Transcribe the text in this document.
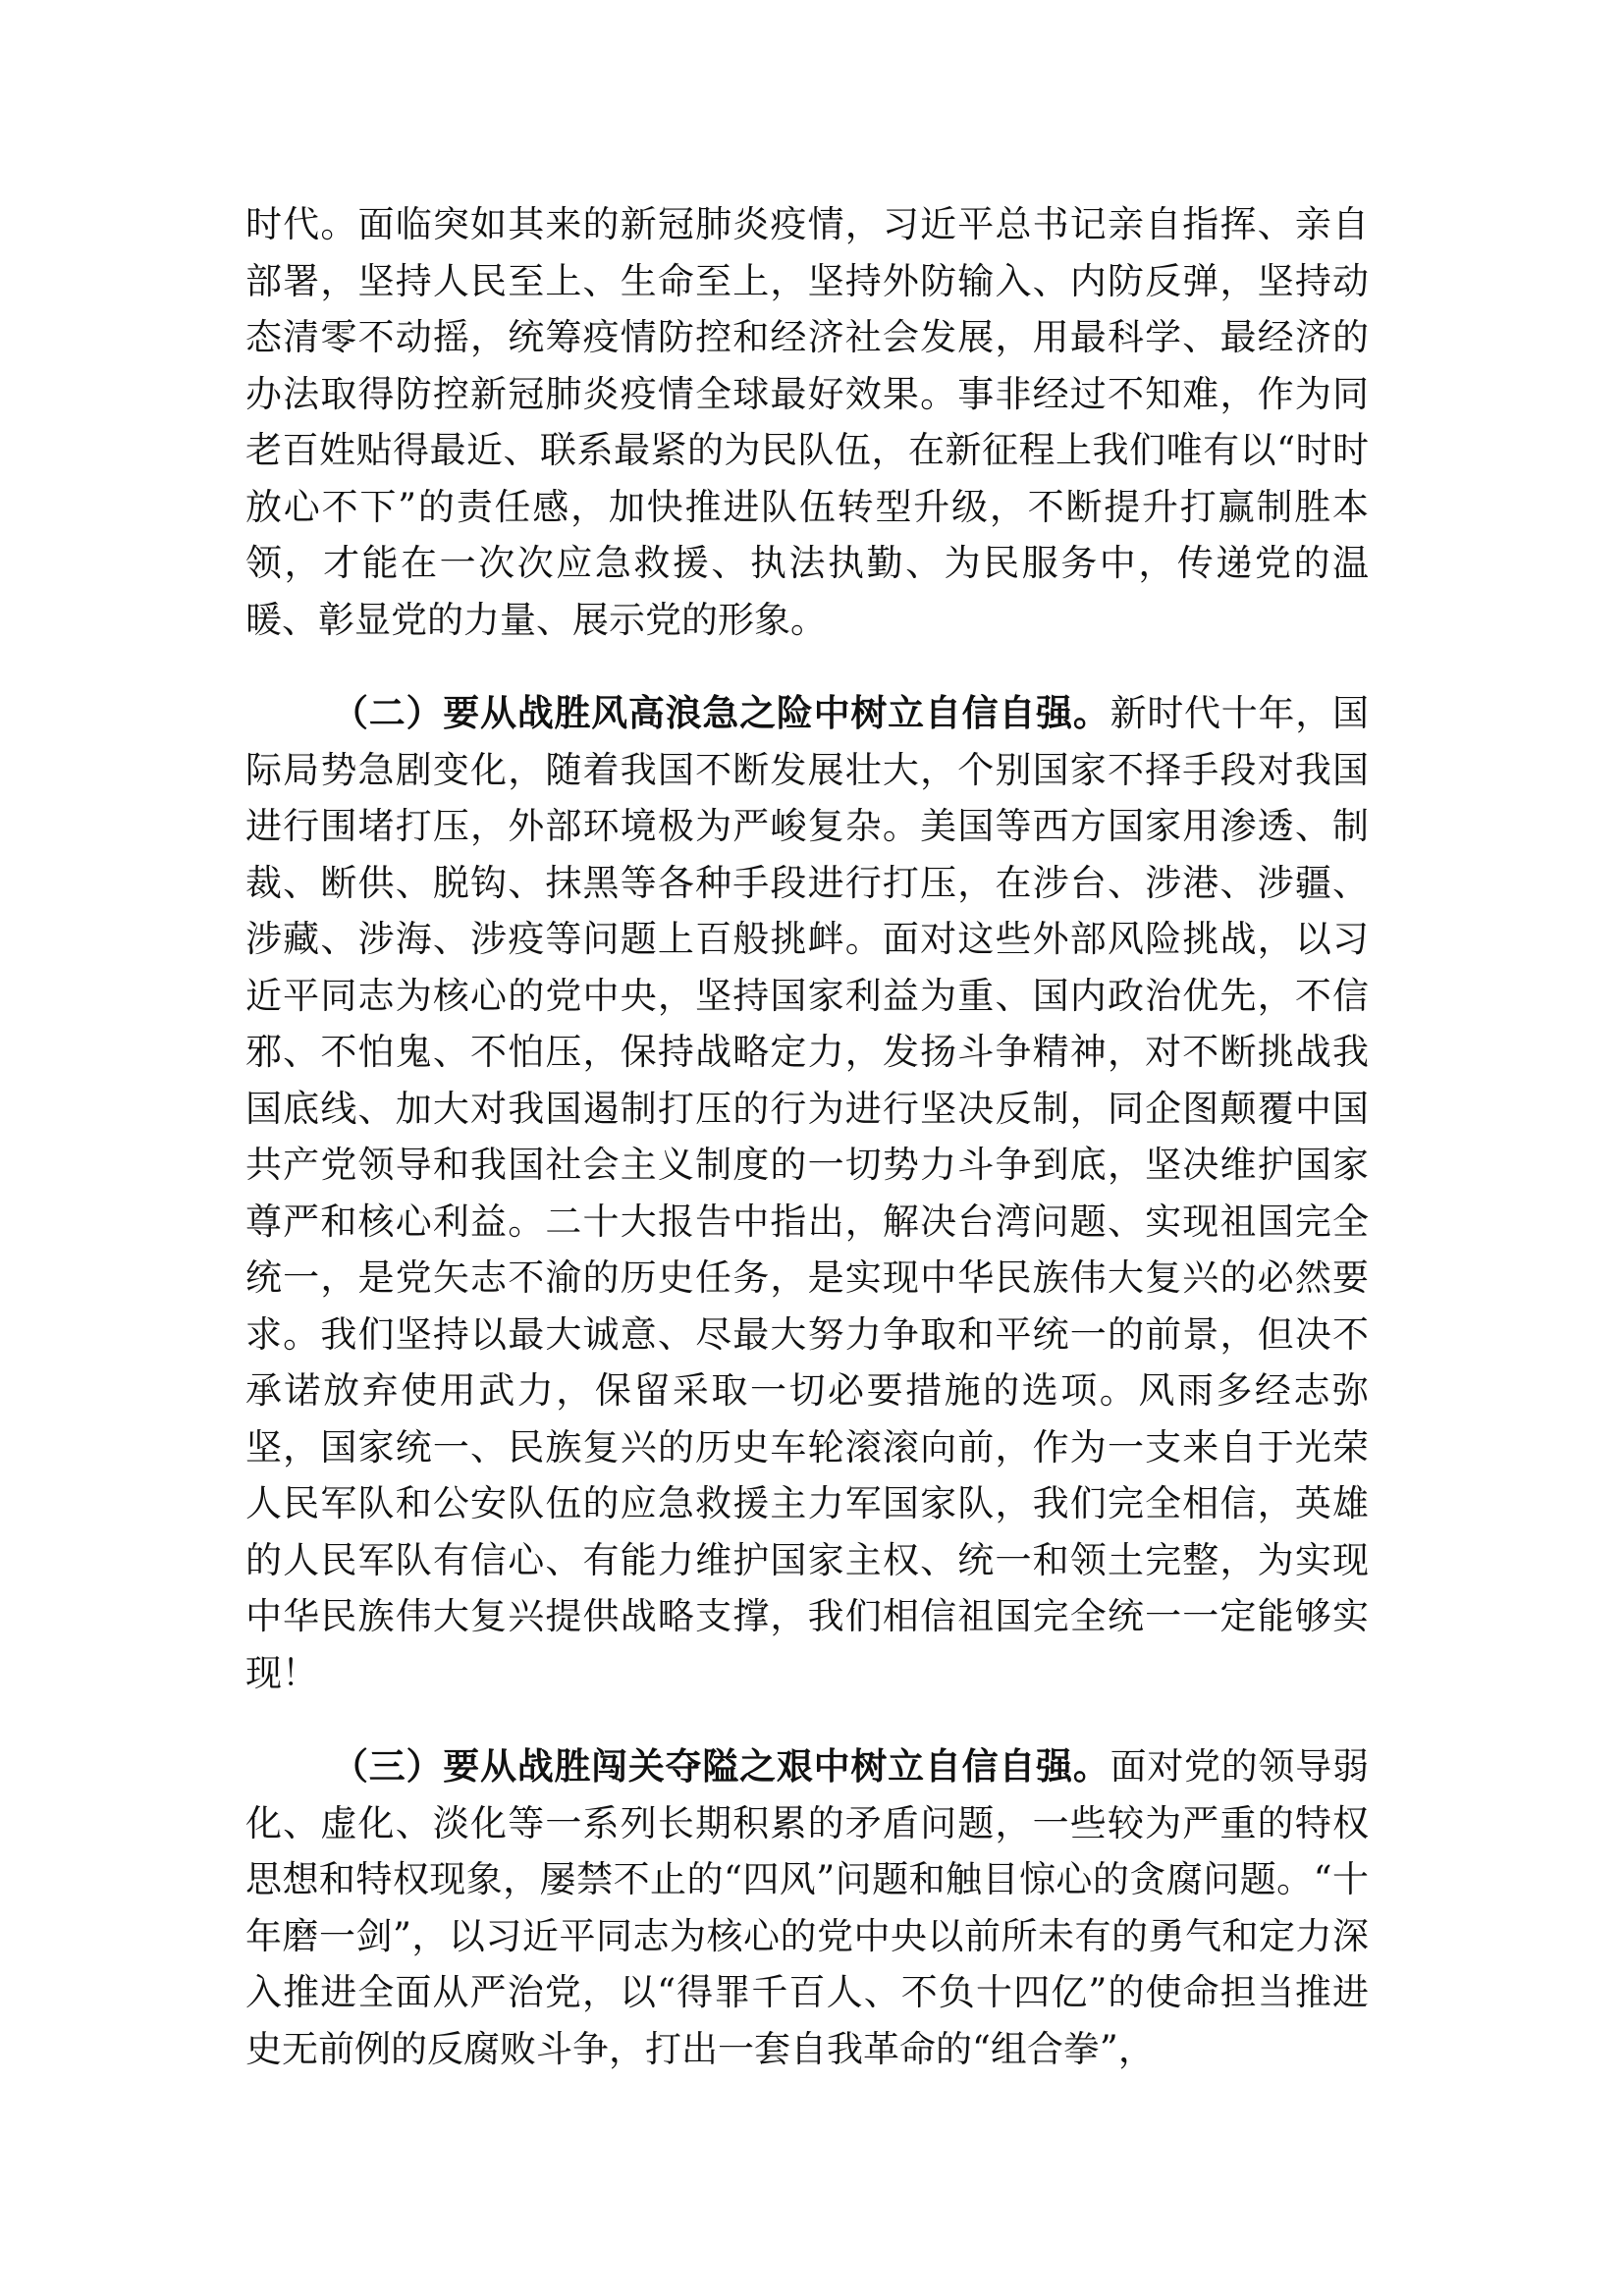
时代。面临突如其来的新冠肺炎疫情，习近平总书记亲自指挥、亲自部署，坚持人民至上、生命至上，坚持外防输入、内防反弹，坚持动态清零不动摇，统筹疫情防控和经济社会发展，用最科学、最经济的办法取得防控新冠肺炎疫情全球最好效果。事非经过不知难，作为同老百姓贴得最近、联系最紧的为民队伍，在新征程上我们唯有以“时时放心不下”的责任感，加快推进队伍转型升级，不断提升打赢制胜本领，才能在一次次应急救援、执法执勤、为民服务中，传递党的温暖、彰显党的力量、展示党的形象。

（二）要从战胜风高浪急之险中树立自信自强。新时代十年，国际局势急剧变化，随着我国不断发展壮大，个别国家不择手段对我国进行围堵打压，外部环境极为严峻复杂。美国等西方国家用渗透、制裁、断供、脱钩、抹黑等各种手段进行打压，在涉台、涉港、涉疆、涉藏、涉海、涉疫等问题上百般挑衅。面对这些外部风险挑战，以习近平同志为核心的党中央，坚持国家利益为重、国内政治优先，不信邪、不怕鬼、不怕压，保持战略定力，发扬斗争精神，对不断挑战我国底线、加大对我国遏制打压的行为进行坚决反制，同企图颠覆中国共产党领导和我国社会主义制度的一切势力斗争到底，坚决维护国家尊严和核心利益。二十大报告中指出，解决台湾问题、实现祖国完全统一，是党矢志不渝的历史任务，是实现中华民族伟大复兴的必然要求。我们坚持以最大诚意、尽最大努力争取和平统一的前景，但决不承诺放弃使用武力，保留采取一切必要措施的选项。风雨多经志弥坚，国家统一、民族复兴的历史车轮滚滚向前，作为一支来自于光荣人民军队和公安队伍的应急救援主力军国家队，我们完全相信，英雄的人民军队有信心、有能力维护国家主权、统一和领土完整，为实现中华民族伟大复兴提供战略支撑，我们相信祖国完全统一一定能够实现！

（三）要从战胜闯关夺隘之艰中树立自信自强。面对党的领导弱化、虚化、淡化等一系列长期积累的矛盾问题，一些较为严重的特权思想和特权现象，屡禁不止的“四风”问题和触目惊心的贪腐问题。“十年磨一剑”，以习近平同志为核心的党中央以前所未有的勇气和定力深入推进全面从严治党，以“得罪千百人、不负十四亿”的使命担当推进史无前例的反腐败斗争，打出一套自我革命的“组合拳”，
